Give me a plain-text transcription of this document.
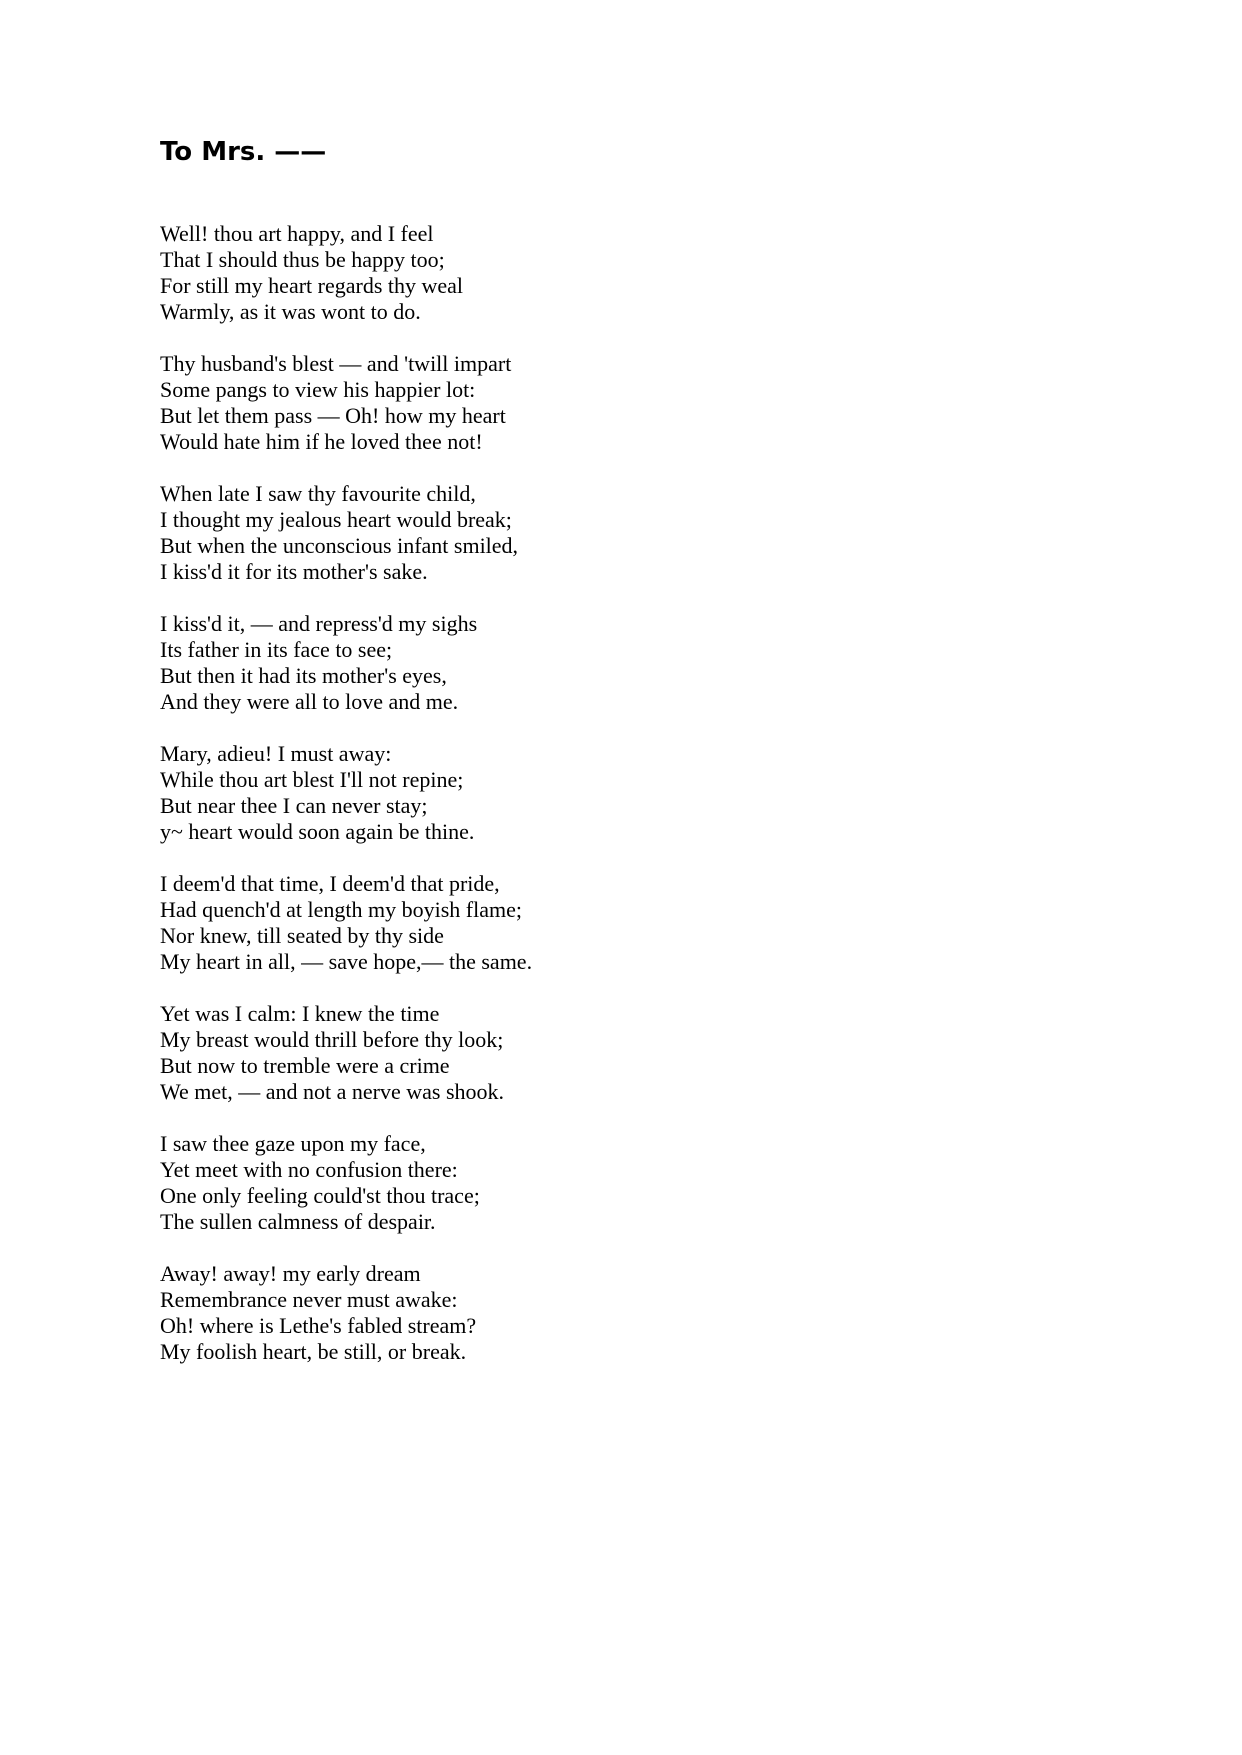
To Mrs. ——
Well! thou art happy, and I feel
That I should thus be happy too;
For still my heart regards thy weal
Warmly, as it was wont to do.
Thy husband's blest — and 'twill impart
Some pangs to view his happier lot:
But let them pass — Oh! how my heart
Would hate him if he loved thee not!
When late I saw thy favourite child,
I thought my jealous heart would break;
But when the unconscious infant smiled,
I kiss'd it for its mother's sake.
I kiss'd it, — and repress'd my sighs
Its father in its face to see;
But then it had its mother's eyes,
And they were all to love and me.
Mary, adieu! I must away:
While thou art blest I'll not repine;
But near thee I can never stay;
y~ heart would soon again be thine.
I deem'd that time, I deem'd that pride,
Had quench'd at length my boyish flame;
Nor knew, till seated by thy side
My heart in all, — save hope,— the same.
Yet was I calm: I knew the time
My breast would thrill before thy look;
But now to tremble were a crime
We met, — and not a nerve was shook.
I saw thee gaze upon my face,
Yet meet with no confusion there:
One only feeling could'st thou trace;
The sullen calmness of despair.
Away! away! my early dream
Remembrance never must awake:
Oh! where is Lethe's fabled stream?
My foolish heart, be still, or break.
